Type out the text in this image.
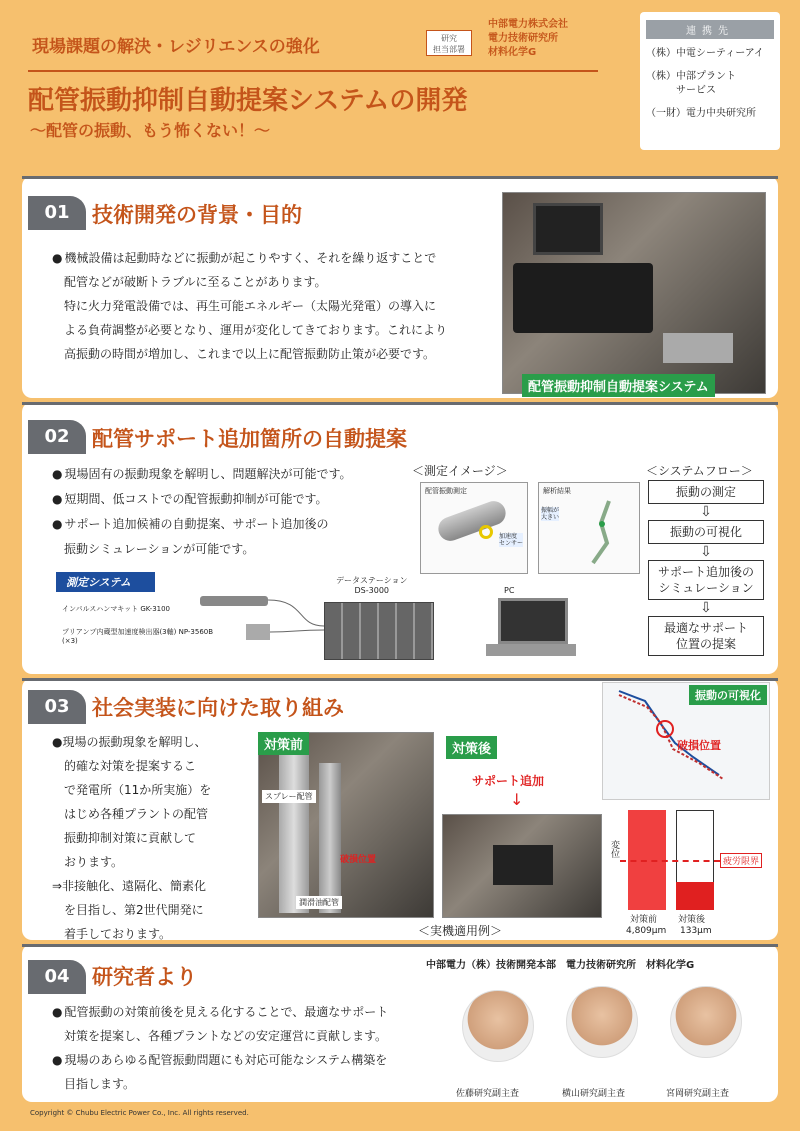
現場課題の解決・レジリエンスの強化	研究
担当部署
中部電力株式会社
電力技術研究所
材料化学G
配管振動抑制自動提案システムの開発
～配管の振動、もう怖くない！～
連携先
（株）中電シーティーアイ
（株）中部プラント
　　　サービス
（一財）電力中央研究所
01	技術開発の背景・目的
● 機械設備は起動時などに振動が起こりやすく、それを繰り返すことで
配管などが破断トラブルに至ることがあります。
特に火力発電設備では、再生可能エネルギー（太陽光発電）の導入に
よる負荷調整が必要となり、運用が変化してきております。これにより
高振動の時間が増加し、これまで以上に配管振動防止策が必要です。
配管振動抑制自動提案システム
02	配管サポート追加箇所の自動提案
● 現場固有の振動現象を解明し、問題解決が可能です。
● 短期間、低コストでの配管振動抑制が可能です。
● サポート追加候補の自動提案、サポート追加後の
振動シミュレーションが可能です。
＜測定イメージ＞
配管振動測定
加速度
センサー
解析結果
振幅が
大きい
＜システムフロー＞
振動の測定
⇩
振動の可視化
⇩
サポート追加後の
シミュレーション
⇩
最適なサポート
位置の提案
測定システム
インパルスハンマキット GK-3100
プリアンプ内蔵型加速度検出器(3軸) NP-3560B
(×3)
データステーション
DS-3000	PC
03	社会実装に向けた取り組み
●現場の振動現象を解明し、
　的確な対策を提案するこ
　で発電所（11か所実施）を
　はじめ各種プラントの配管
　振動抑制対策に貢献して
　おります。
⇒非接触化、遠隔化、簡素化
　を目指し、第2世代開発に
　着手しております。
対策前
スプレー配管
破損位置
潤滑油配管
対策後
サポート追加
↓
＜実機適用例＞
振動の可視化
破損位置
変位
疲労限界
対策前 対策後
4,809μm 133μm
04	研究者より	中部電力（株）技術開発本部　電力技術研究所　材料化学G
● 配管振動の対策前後を見える化することで、最適なサポート
　対策を提案し、各種プラントなどの安定運営に貢献します。
● 現場のあらゆる配管振動問題にも対応可能なシステム構築を
　目指します。
佐藤研究副主査	横山研究副主査	宮岡研究副主査
Copyright © Chubu Electric Power Co., Inc. All rights reserved.
